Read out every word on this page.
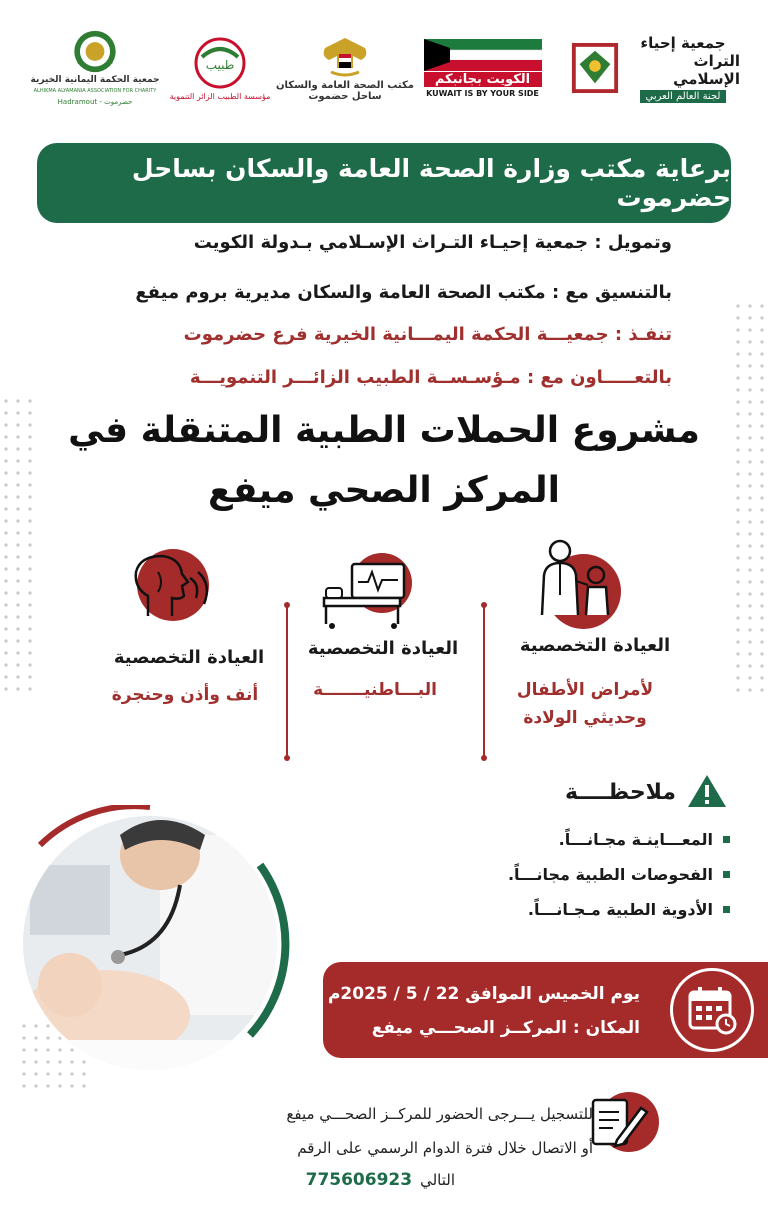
جمعية إحياء
التراث الإسلامي
لجنة العالم العربي
الكويت بجانبكم
KUWAIT IS BY YOUR SIDE
مكتب الصحة العامة والسكان
ساحل حضموت
طبيب
مؤسسة الطبيب الزائر التنموية
جمعية الحكمة اليمانية الخيرية
ALHIKMA ALYAMANIA ASSOCIATION FOR CHARITY
Hadramout - حضرموت
برعاية مكتب وزارة الصحة العامة والسكان بساحل حضرموت
وتمويل : جمعية إحيـاء التـراث الإسـلامي بـدولة الكويت
بالتنسيق مع : مكتب الصحة العامة والسكان مديرية بروم ميفع
تنفـذ : جمعيـــة الحكمة اليمـــانية الخيرية فرع حضرموت
بالتعـــــاون مع : مـؤسـســة الطبيب الزائـــر التنمويـــة
مشروع الحملات الطبية المتنقلة في
المركز الصحي ميفع
العيادة التخصصية
لأمراض الأطفال
وحديثي الولادة
العيادة التخصصية
البـــاطنيـــــــة
العيادة التخصصية
أنف وأذن وحنجرة
ملاحظــــة
المعـــاينـة مجـانـــاً.
الفحوصات الطبية مجانـــاً.
الأدوية الطبية مـجـانـــاً.
يوم الخميس الموافق 22 / 5 / 2025م
المكان : المركــز الصحـــي ميفع
للتسجيل يـــرجى الحضور للمركــز الصحـــي ميفع
أو الاتصال خلال فترة الدوام الرسمي على الرقم
التالي
775606923
